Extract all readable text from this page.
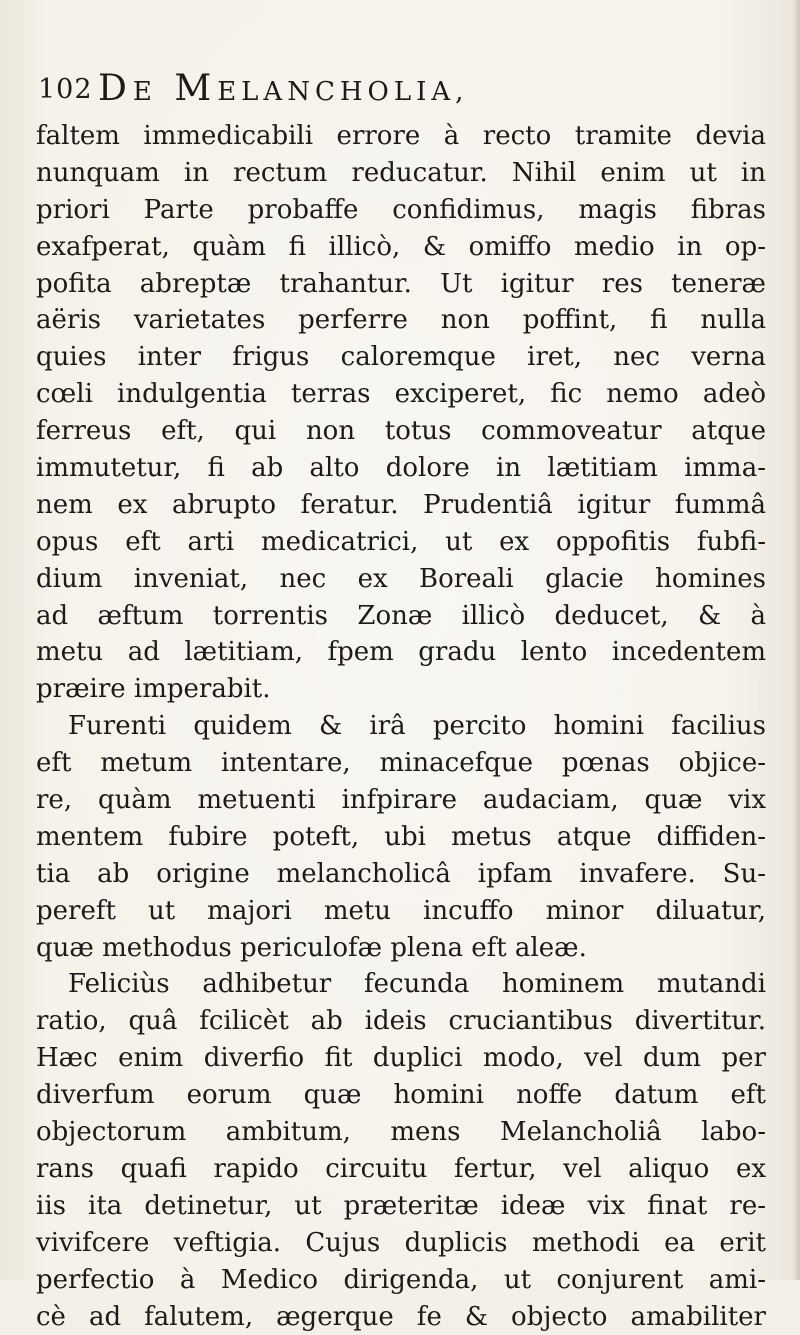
102 DE MELANCHOLIA,
faltem immedicabili errore à recto tramite devia
nunquam in rectum reducatur. Nihil enim ut in
priori Parte probaffe confidimus, magis fibras
exafperat, quàm fi illicò, & omiffo medio in op-
pofita abreptæ trahantur. Ut igitur res teneræ
aëris varietates perferre non poffint, fi nulla
quies inter frigus caloremque iret, nec verna
cœli indulgentia terras exciperet, fic nemo adeò
ferreus eft, qui non totus commoveatur atque
immutetur, fi ab alto dolore in lætitiam imma-
nem ex abrupto feratur. Prudentiâ igitur fummâ
opus eft arti medicatrici, ut ex oppofitis fubfi-
dium inveniat, nec ex Boreali glacie homines
ad æftum torrentis Zonæ illicò deducet, & à
metu ad lætitiam, fpem gradu lento incedentem
præire imperabit.
Furenti quidem & irâ percito homini facilius
eft metum intentare, minacefque pœnas objice-
re, quàm metuenti infpirare audaciam, quæ vix
mentem fubire poteft, ubi metus atque diffiden-
tia ab origine melancholicâ ipfam invafere. Su-
pereft ut majori metu incuffo minor diluatur,
quæ methodus periculofæ plena eft aleæ.
Feliciùs adhibetur fecunda hominem mutandi
ratio, quâ fcilicèt ab ideis cruciantibus divertitur.
Hæc enim diverfio fit duplici modo, vel dum per
diverfum eorum quæ homini noffe datum eft
objectorum ambitum, mens Melancholiâ labo-
rans quafi rapido circuitu fertur, vel aliquo ex
iis ita detinetur, ut præteritæ ideæ vix finat re-
vivifcere veftigia. Cujus duplicis methodi ea erit
perfectio à Medico dirigenda, ut conjurent ami-
cè ad falutem, ægerque fe & objecto amabiliter
